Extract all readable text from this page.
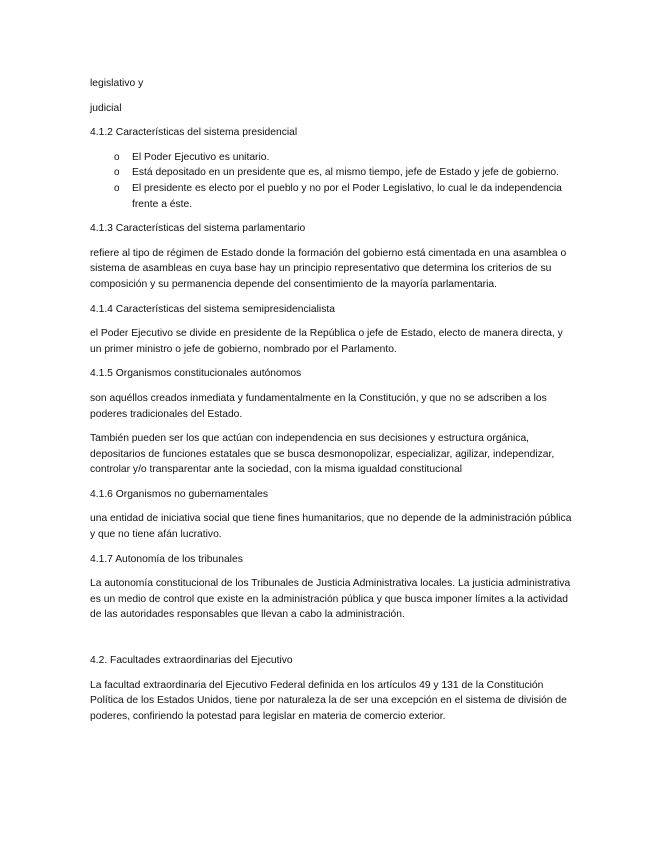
legislativo y

judicial

4.1.2 Características del sistema presidencial

o El Poder Ejecutivo es unitario.
o Está depositado en un presidente que es, al mismo tiempo, jefe de Estado y jefe de gobierno.
o El presidente es electo por el pueblo y no por el Poder Legislativo, lo cual le da independencia frente a éste.

4.1.3 Características del sistema parlamentario

refiere al tipo de régimen de Estado donde la formación del gobierno está cimentada en una asamblea o sistema de asambleas en cuya base hay un principio representativo que determina los criterios de su composición y su permanencia depende del consentimiento de la mayoría parlamentaria.

4.1.4 Características del sistema semipresidencialista

el Poder Ejecutivo se divide en presidente de la República o jefe de Estado, electo de manera directa, y un primer ministro o jefe de gobierno, nombrado por el Parlamento.

4.1.5 Organismos constitucionales autónomos

son aquéllos creados inmediata y fundamentalmente en la Constitución, y que no se adscriben a los poderes tradicionales del Estado.

También pueden ser los que actúan con independencia en sus decisiones y estructura orgánica, depositarios de funciones estatales que se busca desmonopolizar, especializar, agilizar, independizar, controlar y/o transparentar ante la sociedad, con la misma igualdad constitucional

4.1.6 Organismos no gubernamentales

una entidad de iniciativa social que tiene fines humanitarios, que no depende de la administración pública y que no tiene afán lucrativo.

4.1.7 Autonomía de los tribunales

La autonomía constitucional de los Tribunales de Justicia Administrativa locales. La justicia administrativa es un medio de control que existe en la administración pública y que busca imponer límites a la actividad de las autoridades responsables que llevan a cabo la administración.

4.2. Facultades extraordinarias del Ejecutivo

La facultad extraordinaria del Ejecutivo Federal definida en los artículos 49 y 131 de la Constitución Política de los Estados Unidos, tiene por naturaleza la de ser una excepción en el sistema de división de poderes, confiriendo la potestad para legislar en materia de comercio exterior.
